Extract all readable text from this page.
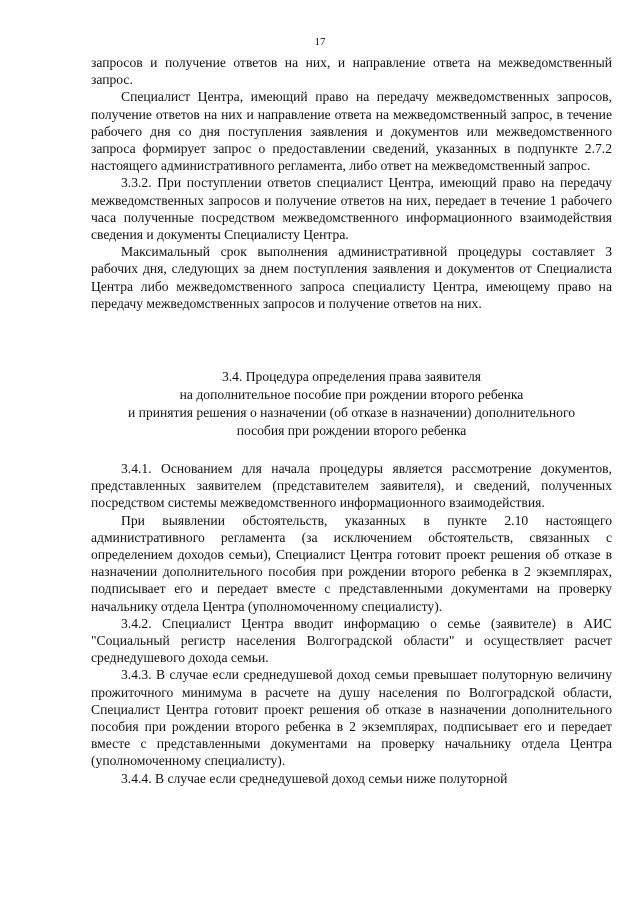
17

запросов и получение ответов на них, и направление ответа на межведомственный запрос.

Специалист Центра, имеющий право на передачу межведомственных запросов, получение ответов на них и направление ответа на межведомственный запрос, в течение рабочего дня со дня поступления заявления и документов или межведомственного запроса формирует запрос о предоставлении сведений, указанных в подпункте 2.7.2 настоящего административного регламента, либо ответ на межведомственный запрос.

3.3.2. При поступлении ответов специалист Центра, имеющий право на передачу межведомственных запросов и получение ответов на них, передает в течение 1 рабочего часа полученные посредством межведомственного информационного взаимодействия сведения и документы Специалисту Центра.

Максимальный срок выполнения административной процедуры составляет 3 рабочих дня, следующих за днем поступления заявления и документов от Специалиста Центра либо межведомственного запроса специалисту Центра, имеющему право на передачу межведомственных запросов и получение ответов на них.

3.4. Процедура определения права заявителя
на дополнительное пособие при рождении второго ребенка
и принятия решения о назначении (об отказе в назначении) дополнительного
пособия при рождении второго ребенка

3.4.1. Основанием для начала процедуры является рассмотрение документов, представленных заявителем (представителем заявителя), и сведений, полученных посредством системы межведомственного информационного взаимодействия.

При выявлении обстоятельств, указанных в пункте 2.10 настоящего административного регламента (за исключением обстоятельств, связанных с определением доходов семьи), Специалист Центра готовит проект решения об отказе в назначении дополнительного пособия при рождении второго ребенка в 2 экземплярах, подписывает его и передает вместе с представленными документами на проверку начальнику отдела Центра (уполномоченному специалисту).

3.4.2. Специалист Центра вводит информацию о семье (заявителе) в АИС "Социальный регистр населения Волгоградской области" и осуществляет расчет среднедушевого дохода семьи.

3.4.3. В случае если среднедушевой доход семьи превышает полуторную величину прожиточного минимума в расчете на душу населения по Волгоградской области, Специалист Центра готовит проект решения об отказе в назначении дополнительного пособия при рождении второго ребенка в 2 экземплярах, подписывает его и передает вместе с представленными документами на проверку начальнику отдела Центра (уполномоченному специалисту).

3.4.4. В случае если среднедушевой доход семьи ниже полуторной
